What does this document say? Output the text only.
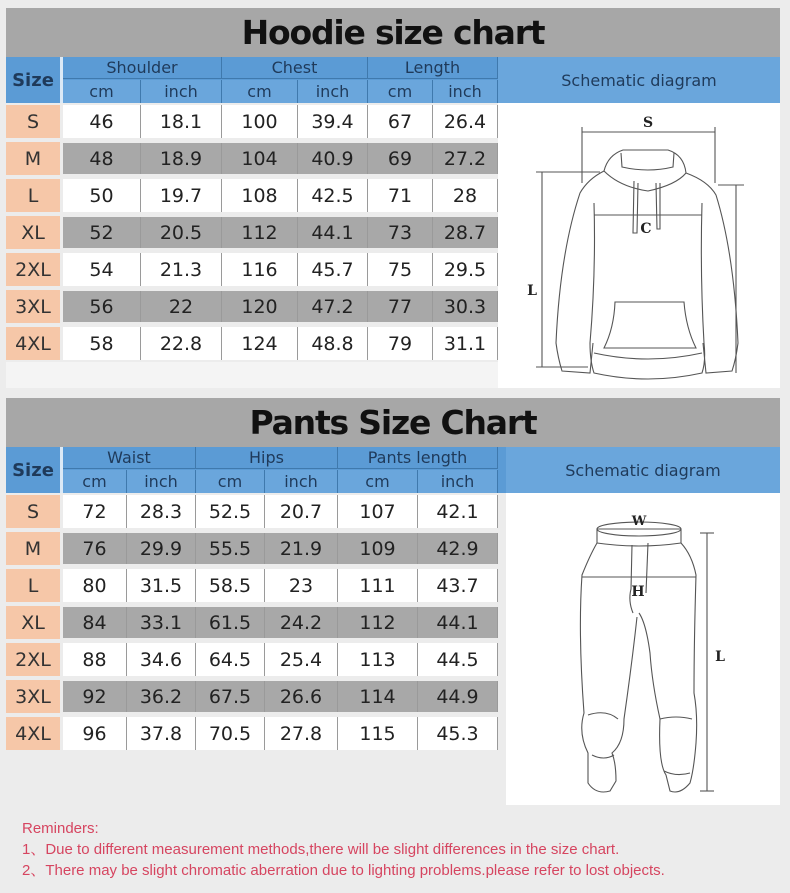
Hoodie size chart
Size
Shoulder	Chest	Length
cm	inch	cm	inch	cm	inch
Schematic diagram
S	46	18.1	100	39.4	67	26.4
M	48	18.9	104	40.9	69	27.2
L	50	19.7	108	42.5	71	28
XL	52	20.5	112	44.1	73	28.7
2XL	54	21.3	116	45.7	75	29.5
3XL	56	22	120	47.2	77	30.3
4XL	58	22.8	124	48.8	79	31.1
S
C
L
Pants Size Chart
Size
Waist	Hips	Pants length
cm	inch	cm	inch	cm	inch
Schematic diagram
S	72	28.3	52.5	20.7	107	42.1
M	76	29.9	55.5	21.9	109	42.9
L	80	31.5	58.5	23	111	43.7
XL	84	33.1	61.5	24.2	112	44.1
2XL	88	34.6	64.5	25.4	113	44.5
3XL	92	36.2	67.5	26.6	114	44.9
4XL	96	37.8	70.5	27.8	115	45.3
W
H
L
Reminders:
1、Due to different measurement methods,there will be slight differences in the size chart.
2、There may be slight chromatic aberration due to lighting problems.please refer to lost objects.
